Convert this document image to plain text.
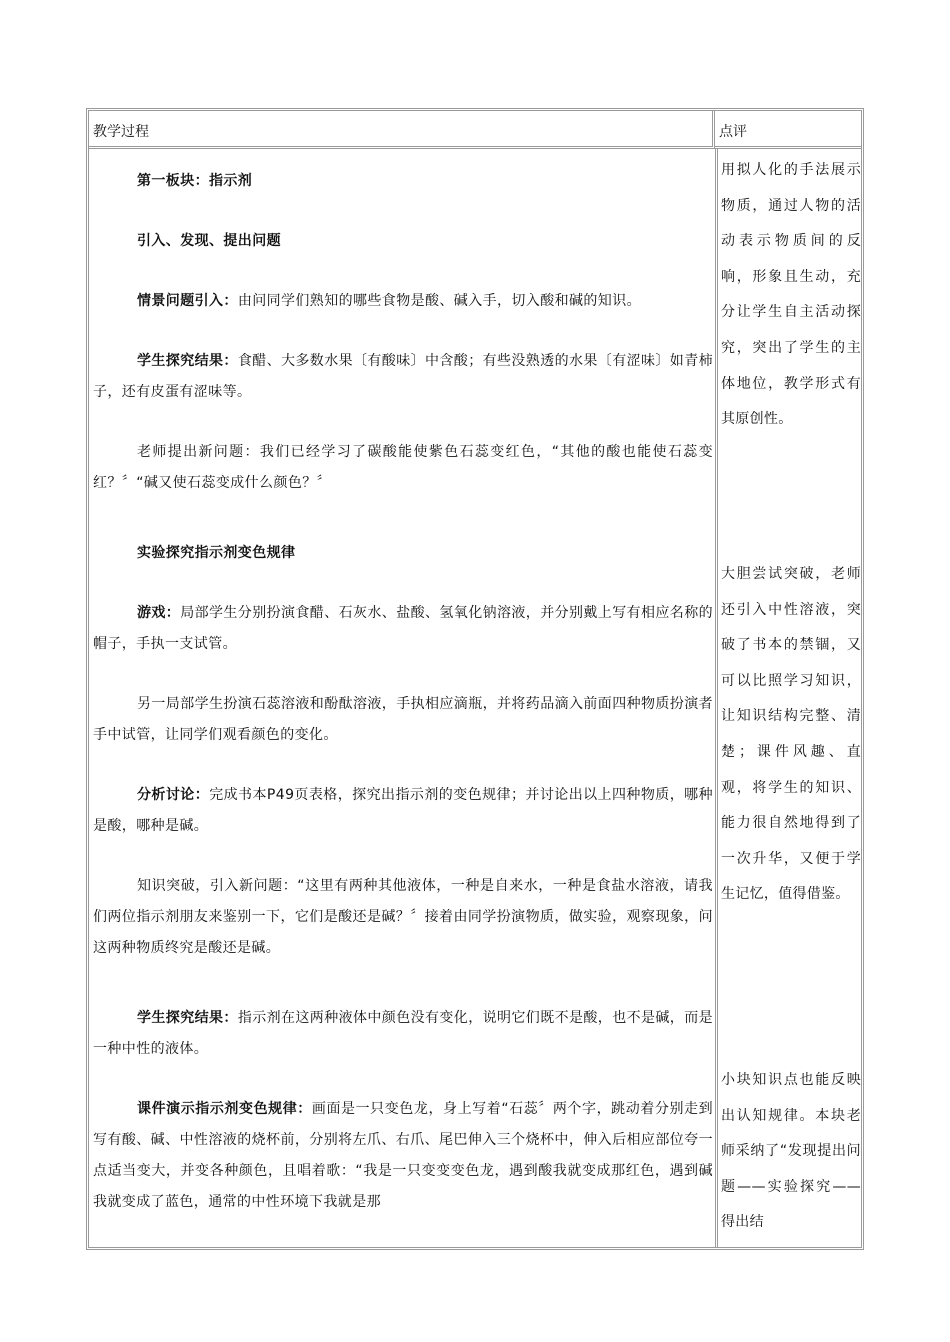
教学过程	点评

第一板块：指示剂

引入、发现、提出问题

情景问题引入：由问同学们熟知的哪些食物是酸、碱入手，切入酸和碱的知识。

学生探究结果：食醋、大多数水果〔有酸味〕中含酸；有些没熟透的水果〔有涩味〕如青柿子，还有皮蛋有涩味等。

老师提出新问题：我们已经学习了碳酸能使紫色石蕊变红色，“其他的酸也能使石蕊变红？〞“碱又使石蕊变成什么颜色？〞

实验探究指示剂变色规律

游戏：局部学生分别扮演食醋、石灰水、盐酸、氢氧化钠溶液，并分别戴上写有相应名称的帽子，手执一支试管。

另一局部学生扮演石蕊溶液和酚酞溶液，手执相应滴瓶，并将药品滴入前面四种物质扮演者手中试管，让同学们观看颜色的变化。

分析讨论：完成书本P49页表格，探究出指示剂的变色规律；并讨论出以上四种物质，哪种是酸，哪种是碱。

知识突破，引入新问题：“这里有两种其他液体，一种是自来水，一种是食盐水溶液，请我们两位指示剂朋友来鉴别一下，它们是酸还是碱？〞接着由同学扮演物质，做实验，观察现象，问这两种物质终究是酸还是碱。

学生探究结果：指示剂在这两种液体中颜色没有变化，说明它们既不是酸，也不是碱，而是一种中性的液体。

课件演示指示剂变色规律：画面是一只变色龙，身上写着“石蕊〞两个字，跳动着分别走到写有酸、碱、中性溶液的烧杯前，分别将左爪、右爪、尾巴伸入三个烧杯中，伸入后相应部位夸一点适当变大，并变各种颜色，且唱着歌：“我是一只变变变色龙，遇到酸我就变成那红色，遇到碱我就变成了蓝色，通常的中性环境下我就是那

用拟人化的手法展示物质，通过人物的活动表示物质间的反响，形象且生动，充分让学生自主活动探究，突出了学生的主体地位，教学形式有其原创性。
大胆尝试突破，老师还引入中性溶液，突破了书本的禁锢，又可以比照学习知识，让知识结构完整、清楚；课件风趣、直观，将学生的知识、能力很自然地得到了一次升华，又便于学生记忆，值得借鉴。
小块知识点也能反映出认知规律。本块老师采纳了“发现提出问题——实验探究——得出结
